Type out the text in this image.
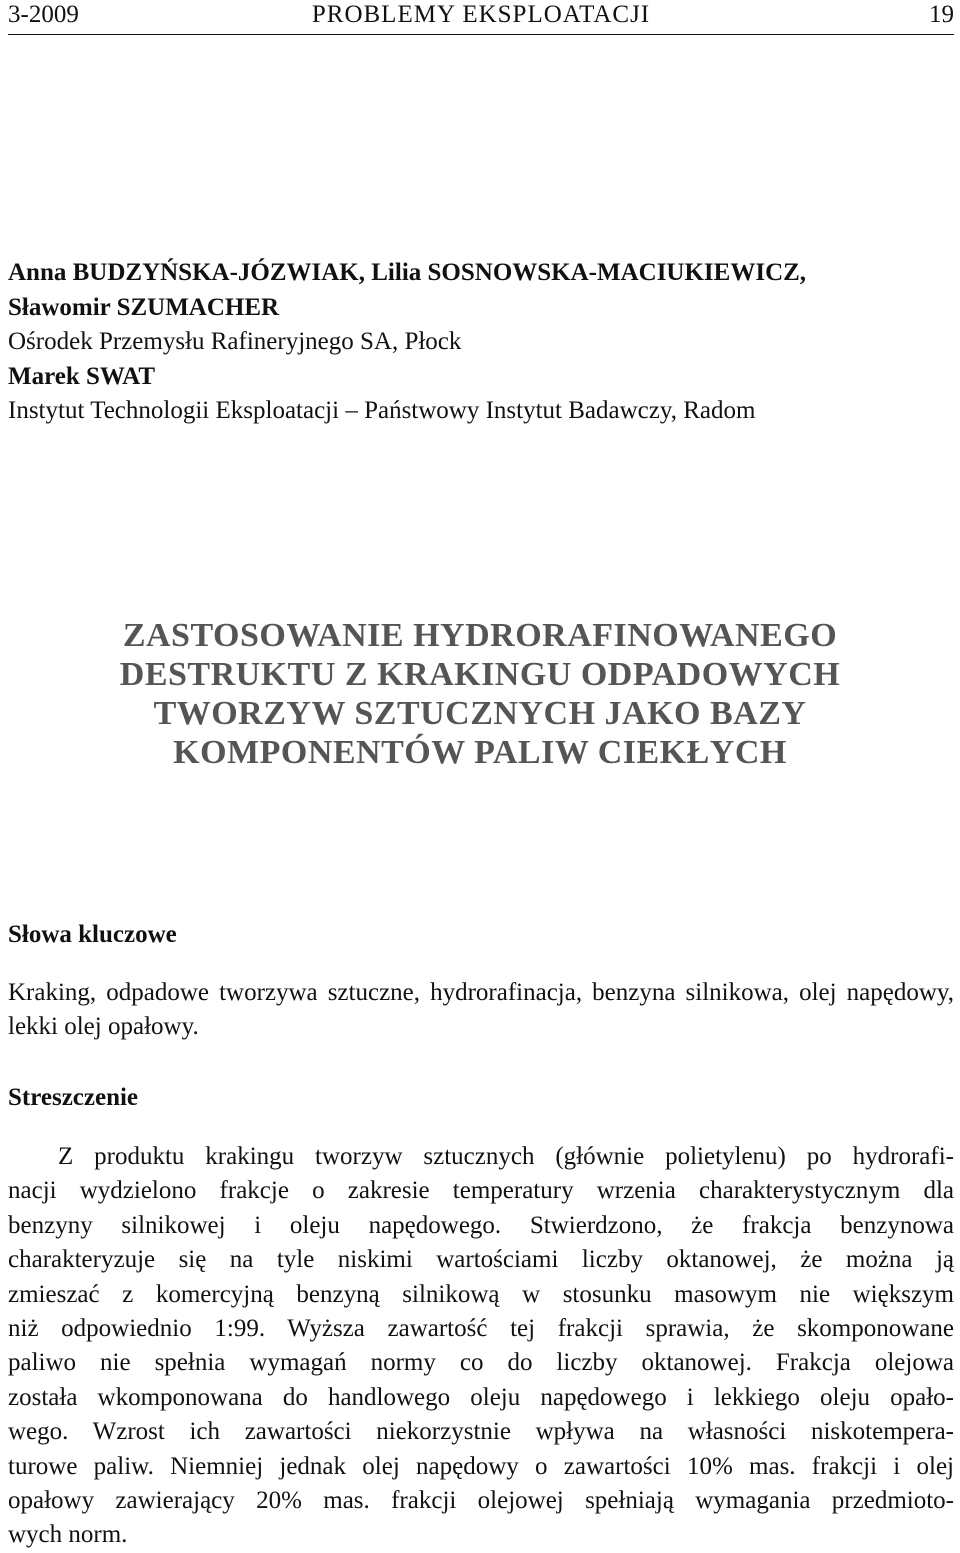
3-2009	PROBLEMY EKSPLOATACJI	19
Anna BUDZYŃSKA-JÓZWIAK, Lilia SOSNOWSKA-MACIUKIEWICZ,
Sławomir SZUMACHER
Ośrodek Przemysłu Rafineryjnego SA, Płock
Marek SWAT
Instytut Technologii Eksploatacji – Państwowy Instytut Badawczy, Radom
ZASTOSOWANIE HYDRORAFINOWANEGO
DESTRUKTU Z KRAKINGU ODPADOWYCH
TWORZYW SZTUCZNYCH JAKO BAZY
KOMPONENTÓW PALIW CIEKŁYCH
Słowa kluczowe
Kraking, odpadowe tworzywa sztuczne, hydrorafinacja, benzyna silnikowa, olej napędowy, lekki olej opałowy.
Streszczenie
Z produktu krakingu tworzyw sztucznych (głównie polietylenu) po hydrorafi-
nacji wydzielono frakcje o zakresie temperatury wrzenia charakterystycznym dla
benzyny silnikowej i oleju napędowego. Stwierdzono, że frakcja benzynowa
charakteryzuje się na tyle niskimi wartościami liczby oktanowej, że można ją
zmieszać z komercyjną benzyną silnikową w stosunku masowym nie większym
niż odpowiednio 1:99. Wyższa zawartość tej frakcji sprawia, że skomponowane
paliwo nie spełnia wymagań normy co do liczby oktanowej. Frakcja olejowa
została wkomponowana do handlowego oleju napędowego i lekkiego oleju opało-
wego. Wzrost ich zawartości niekorzystnie wpływa na własności niskotempera-
turowe paliw. Niemniej jednak olej napędowy o zawartości 10% mas. frakcji i olej
opałowy zawierający 20% mas. frakcji olejowej spełniają wymagania przedmioto-
wych norm.
